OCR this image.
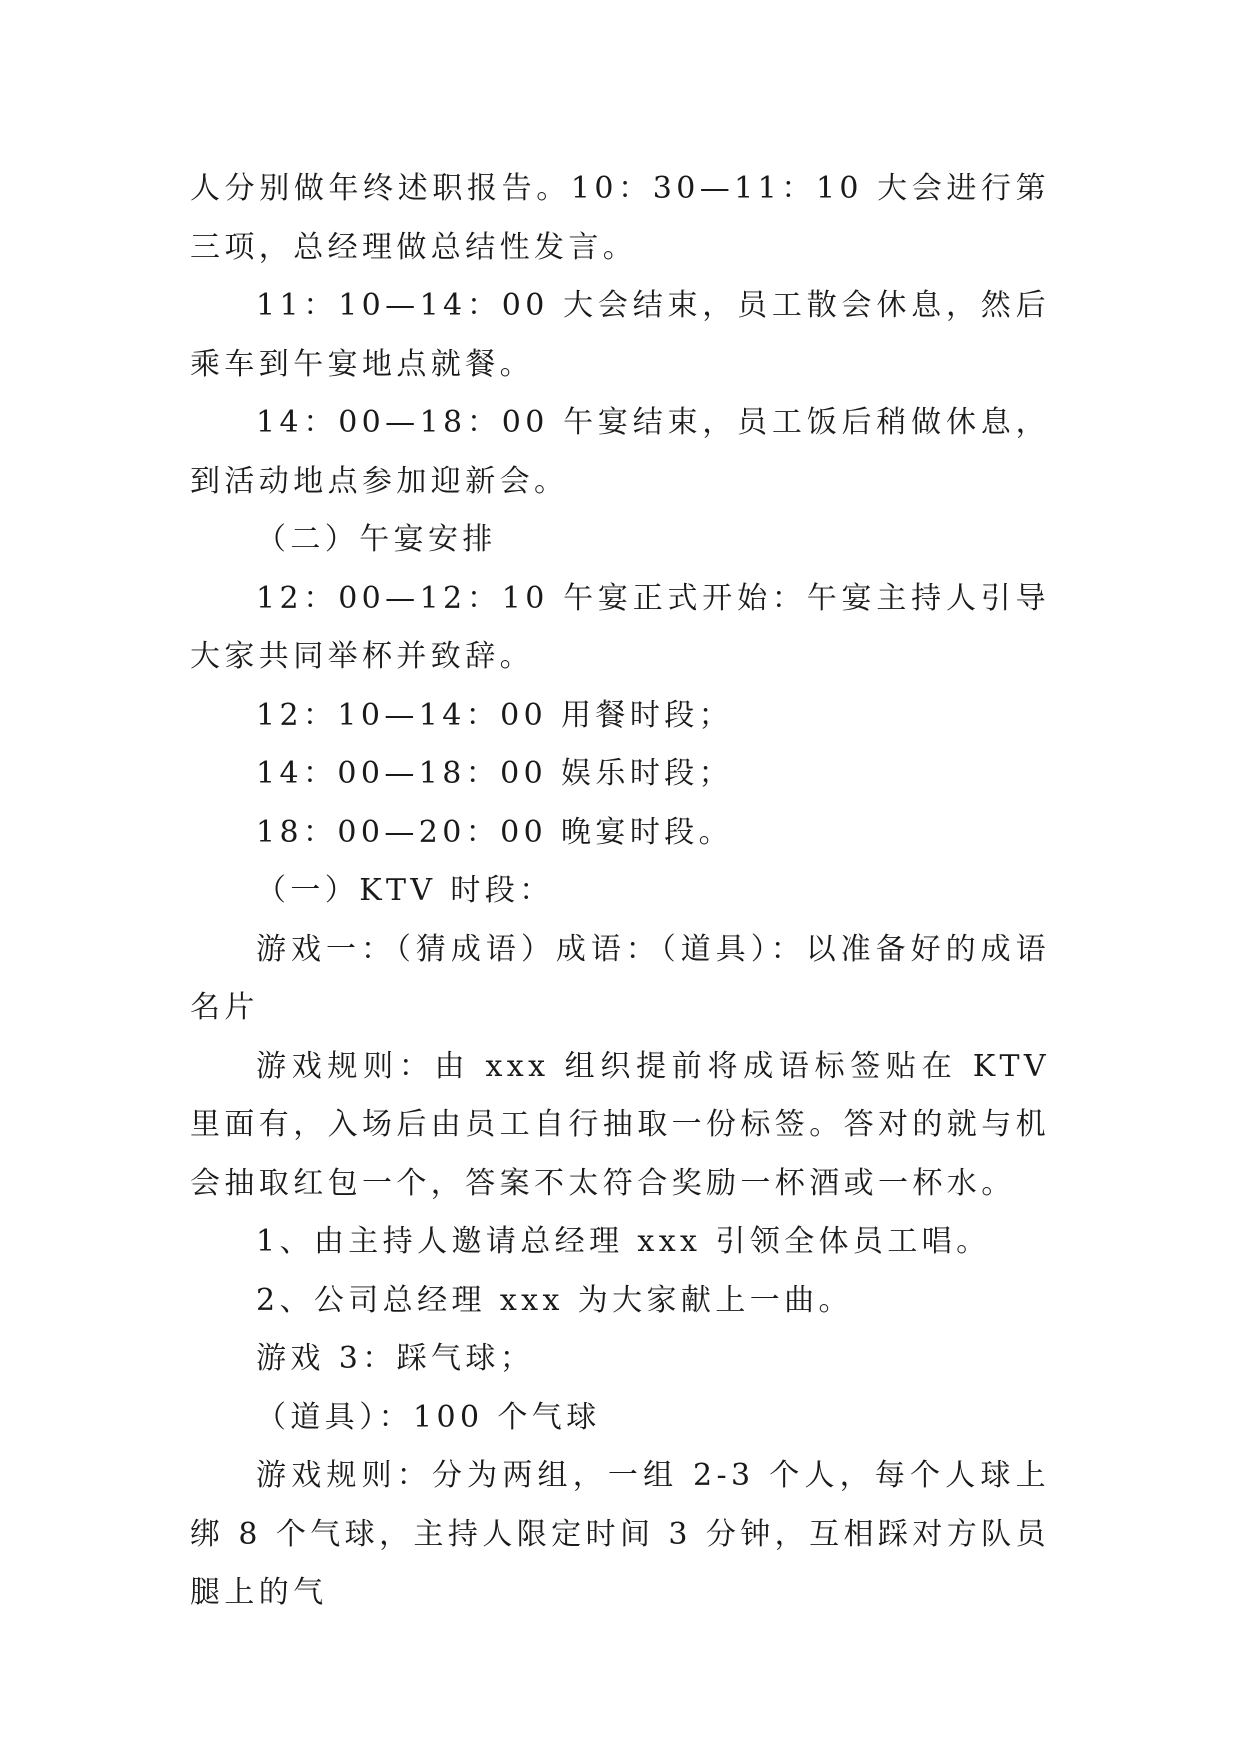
人分别做年终述职报告。10：30—11：10 大会进行第三项，总经理做总结性发言。

11：10—14：00 大会结束，员工散会休息，然后乘车到午宴地点就餐。

14：00—18：00 午宴结束，员工饭后稍做休息，到活动地点参加迎新会。

（二）午宴安排

12：00—12：10 午宴正式开始：午宴主持人引导大家共同举杯并致辞。

12：10—14：00 用餐时段；

14：00—18：00 娱乐时段；

18：00—20：00 晚宴时段。

（一）KTV 时段：

游戏一：（猜成语）成语：（道具）：以准备好的成语名片

游戏规则：由 xxx 组织提前将成语标签贴在 KTV 里面有，入场后由员工自行抽取一份标签。答对的就与机会抽取红包一个，答案不太符合奖励一杯酒或一杯水。

1、由主持人邀请总经理 xxx 引领全体员工唱。

2、公司总经理 xxx 为大家献上一曲。

游戏 3：踩气球；

（道具）：100 个气球

游戏规则：分为两组，一组 2-3 个人，每个人球上绑 8 个气球，主持人限定时间 3 分钟，互相踩对方队员腿上的气
